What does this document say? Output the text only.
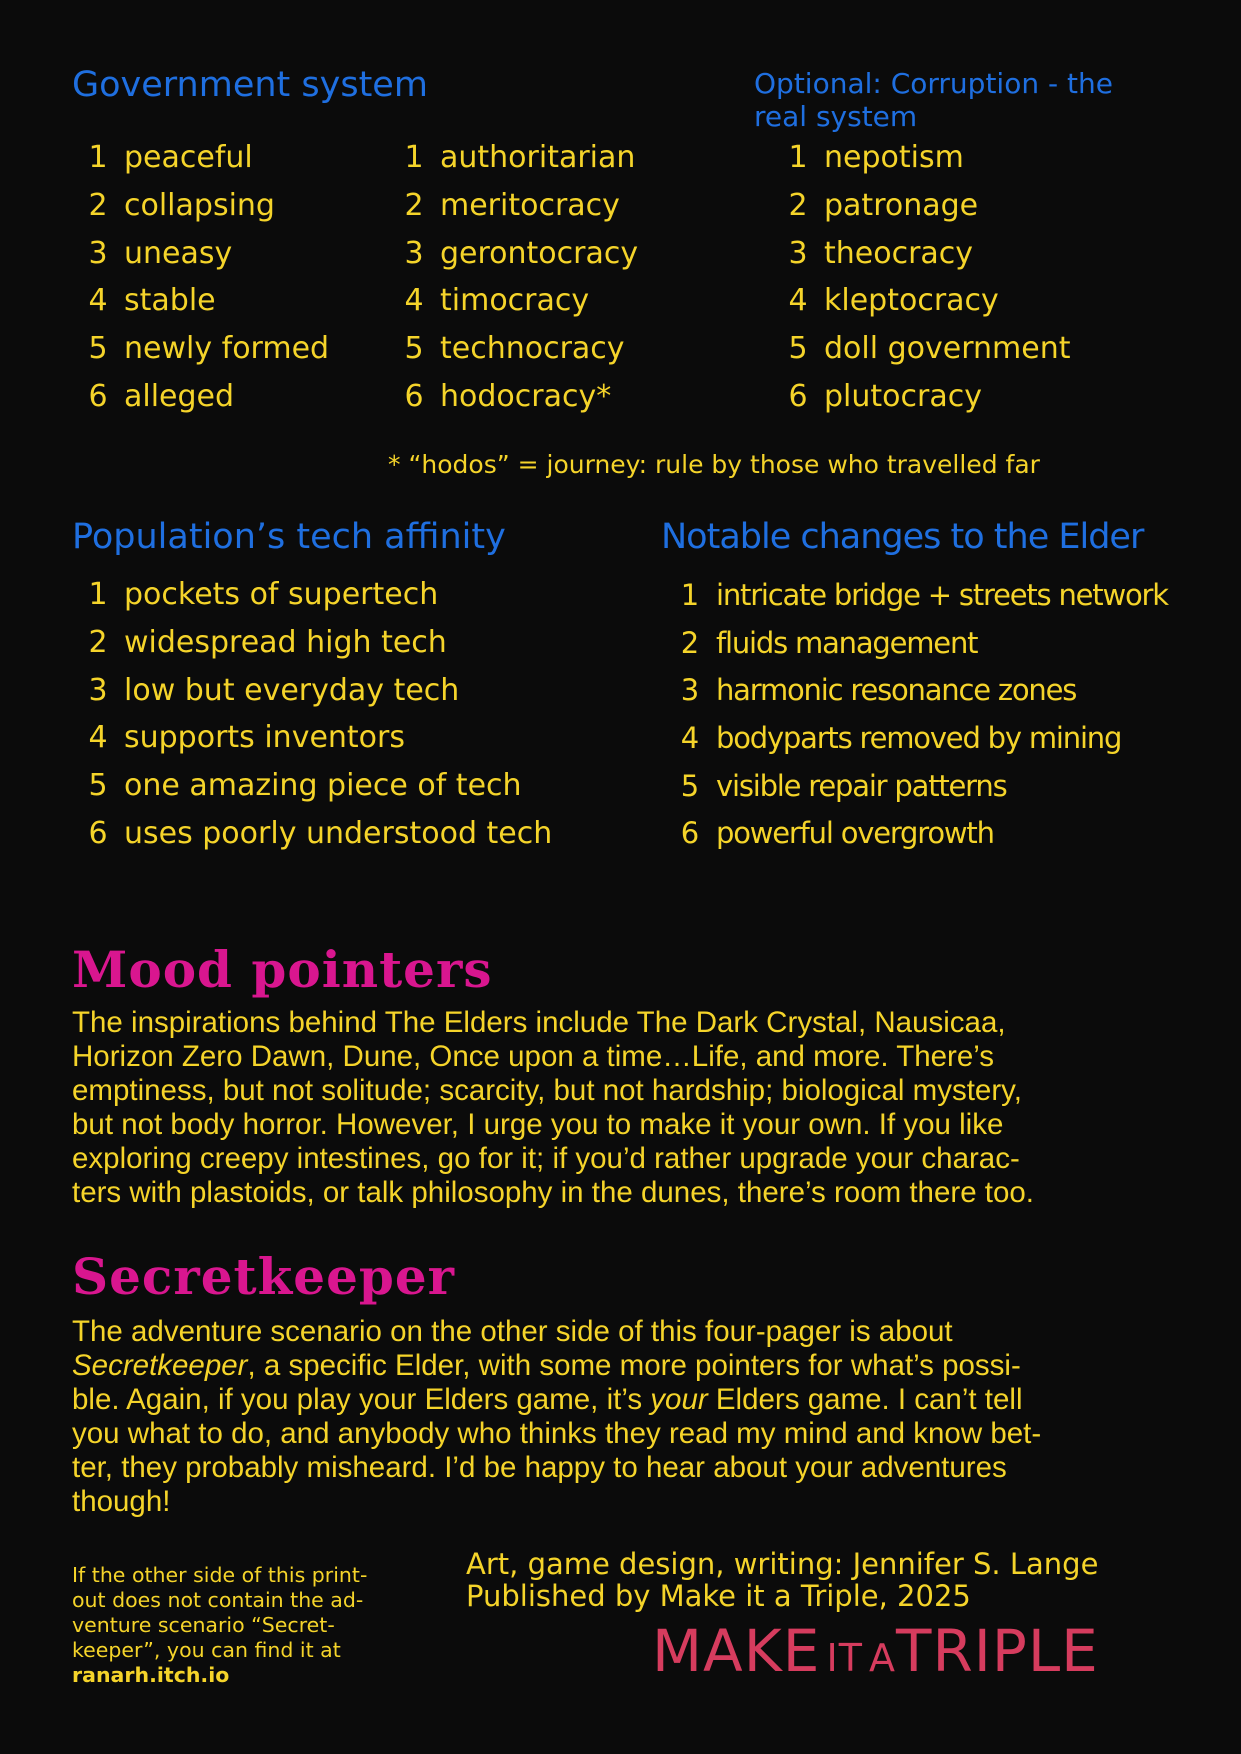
Government system
1 peaceful
2 collapsing
3 uneasy
4 stable
5 newly formed
6 alleged
1 authoritarian
2 meritocracy
3 gerontocracy
4 timocracy
5 technocracy
6 hodocracy*
Optional: Corruption - the real system
1 nepotism
2 patronage
3 theocracy
4 kleptocracy
5 doll government
6 plutocracy
* “hodos” = journey: rule by those who travelled far
Population’s tech affinity
1 pockets of supertech
2 widespread high tech
3 low but everyday tech
4 supports inventors
5 one amazing piece of tech
6 uses poorly understood tech
Notable changes to the Elder
1 intricate bridge + streets network
2 fluids management
3 harmonic resonance zones
4 bodyparts removed by mining
5 visible repair patterns
6 powerful overgrowth
Mood pointers
The inspirations behind The Elders include The Dark Crystal, Nausicaa,
Horizon Zero Dawn, Dune, Once upon a time…Life, and more. There’s
emptiness, but not solitude; scarcity, but not hardship; biological mystery,
but not body horror. However, I urge you to make it your own. If you like
exploring creepy intestines, go for it; if you’d rather upgrade your charac-
ters with plastoids, or talk philosophy in the dunes, there’s room there too.
Secretkeeper
The adventure scenario on the other side of this four-pager is about
Secretkeeper, a specific Elder, with some more pointers for what’s possi-
ble. Again, if you play your Elders game, it’s your Elders game. I can’t tell
you what to do, and anybody who thinks they read my mind and know bet-
ter, they probably misheard. I’d be happy to hear about your adventures
though!
If the other side of this print-
out does not contain the ad-
venture scenario “Secret-
keeper”, you can find it at
ranarh.itch.io
Art, game design, writing: Jennifer S. Lange
Published by Make it a Triple, 2025
MAKE IT ATRIPLE
